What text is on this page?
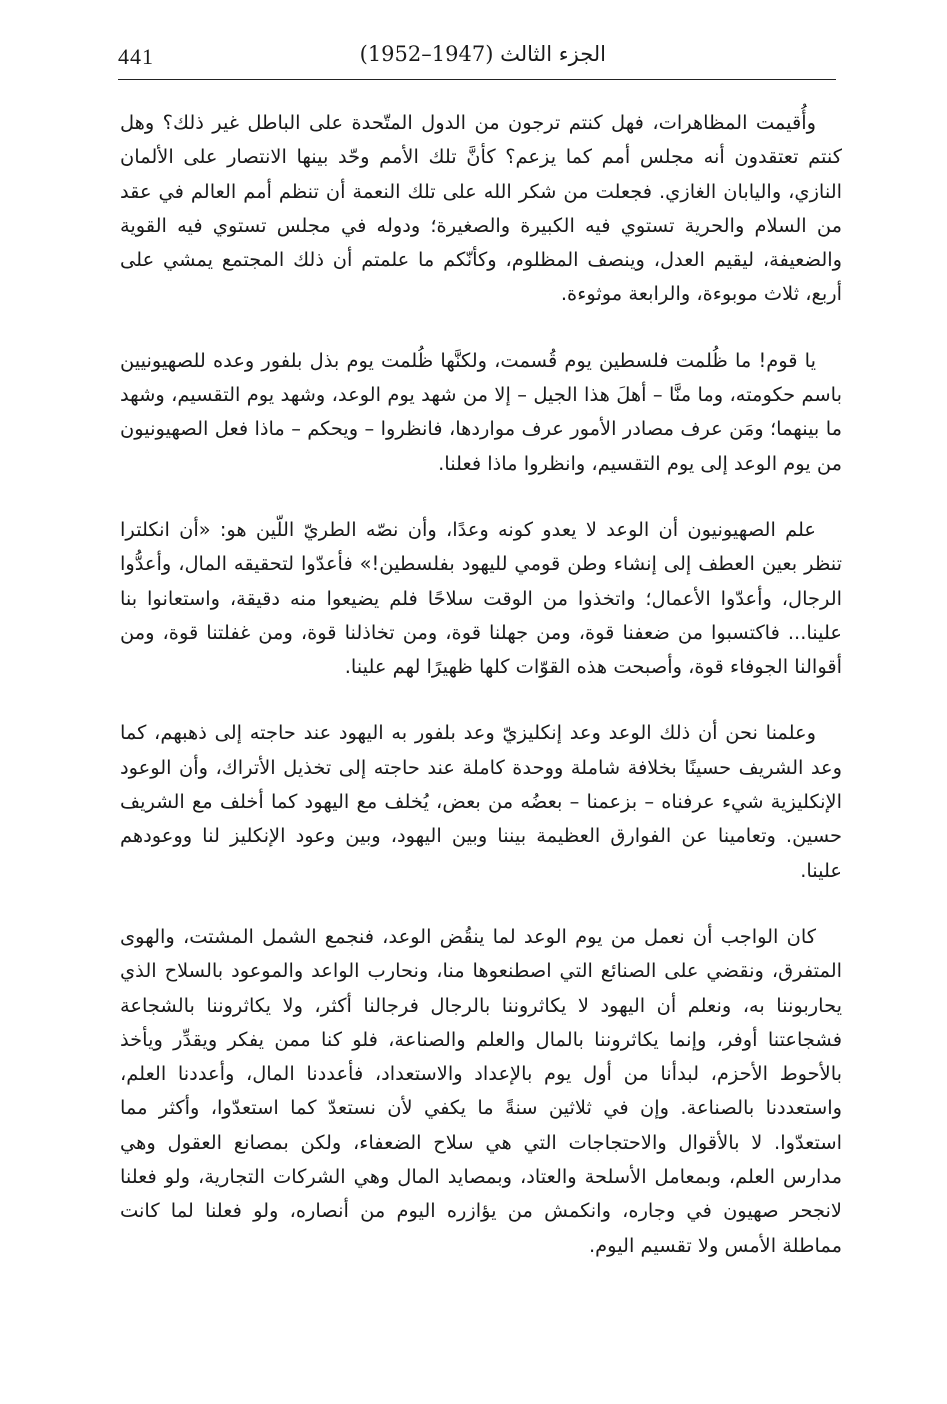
441	الجزء الثالث (1947–1952)

وأُقيمت المظاهرات، فهل كنتم ترجون من الدول المتّحدة على الباطل غير ذلك؟ وهل كنتم تعتقدون أنه مجلس أمم كما يزعم؟ كأنَّ تلك الأمم وحّد بينها الانتصار على الألمان النازي، واليابان الغازي. فجعلت من شكر الله على تلك النعمة أن تنظم أمم العالم في عقد من السلام والحرية تستوي فيه الكبيرة والصغيرة؛ ودوله في مجلس تستوي فيه القوية والضعيفة، ليقيم العدل، وينصف المظلوم، وكأنّكم ما علمتم أن ذلك المجتمع يمشي على أربع، ثلاث موبوءة، والرابعة موثوءة.

يا قوم! ما ظُلمت فلسطين يوم قُسمت، ولكنَّها ظُلمت يوم بذل بلفور وعده للصهيونيين باسم حكومته، وما منَّا – أهلَ هذا الجيل – إلا من شهد يوم الوعد، وشهد يوم التقسيم، وشهد ما بينهما؛ ومَن عرف مصادر الأمور عرف مواردها، فانظروا – ويحكم – ماذا فعل الصهيونيون من يوم الوعد إلى يوم التقسيم، وانظروا ماذا فعلنا.

علم الصهيونيون أن الوعد لا يعدو كونه وعدًا، وأن نصّه الطريّ اللّين هو: «أن انكلترا تنظر بعين العطف إلى إنشاء وطن قومي لليهود بفلسطين!» فأعدّوا لتحقيقه المال، وأعدُّوا الرجال، وأعدّوا الأعمال؛ واتخذوا من الوقت سلاحًا فلم يضيعوا منه دقيقة، واستعانوا بنا علينا... فاكتسبوا من ضعفنا قوة، ومن جهلنا قوة، ومن تخاذلنا قوة، ومن غفلتنا قوة، ومن أقوالنا الجوفاء قوة، وأصبحت هذه القوّات كلها ظهيرًا لهم علينا.

وعلمنا نحن أن ذلك الوعد وعد إنكليزيّ وعد بلفور به اليهود عند حاجته إلى ذهبهم، كما وعد الشريف حسينًا بخلافة شاملة ووحدة كاملة عند حاجته إلى تخذيل الأتراك، وأن الوعود الإنكليزية شيء عرفناه – بزعمنا – بعضُه من بعض، يُخلف مع اليهود كما أخلف مع الشريف حسين. وتعامينا عن الفوارق العظيمة بيننا وبين اليهود، وبين وعود الإنكليز لنا ووعودهم علينا.

كان الواجب أن نعمل من يوم الوعد لما ينقُض الوعد، فنجمع الشمل المشتت، والهوى المتفرق، ونقضي على الصنائع التي اصطنعوها منا، ونحارب الواعد والموعود بالسلاح الذي يحاربوننا به، ونعلم أن اليهود لا يكاثروننا بالرجال فرجالنا أكثر، ولا يكاثروننا بالشجاعة فشجاعتنا أوفر، وإنما يكاثروننا بالمال والعلم والصناعة، فلو كنا ممن يفكر ويقدِّر ويأخذ بالأحوط الأحزم، لبدأنا من أول يوم بالإعداد والاستعداد، فأعددنا المال، وأعددنا العلم، واستعددنا بالصناعة. وإن في ثلاثين سنةً ما يكفي لأن نستعدّ كما استعدّوا، وأكثر مما استعدّوا. لا بالأقوال والاحتجاجات التي هي سلاح الضعفاء، ولكن بمصانع العقول وهي مدارس العلم، وبمعامل الأسلحة والعتاد، وبمصايد المال وهي الشركات التجارية، ولو فعلنا لانجحر صهيون في وجاره، وانكمش من يؤازره اليوم من أنصاره، ولو فعلنا لما كانت مماطلة الأمس ولا تقسيم اليوم.
